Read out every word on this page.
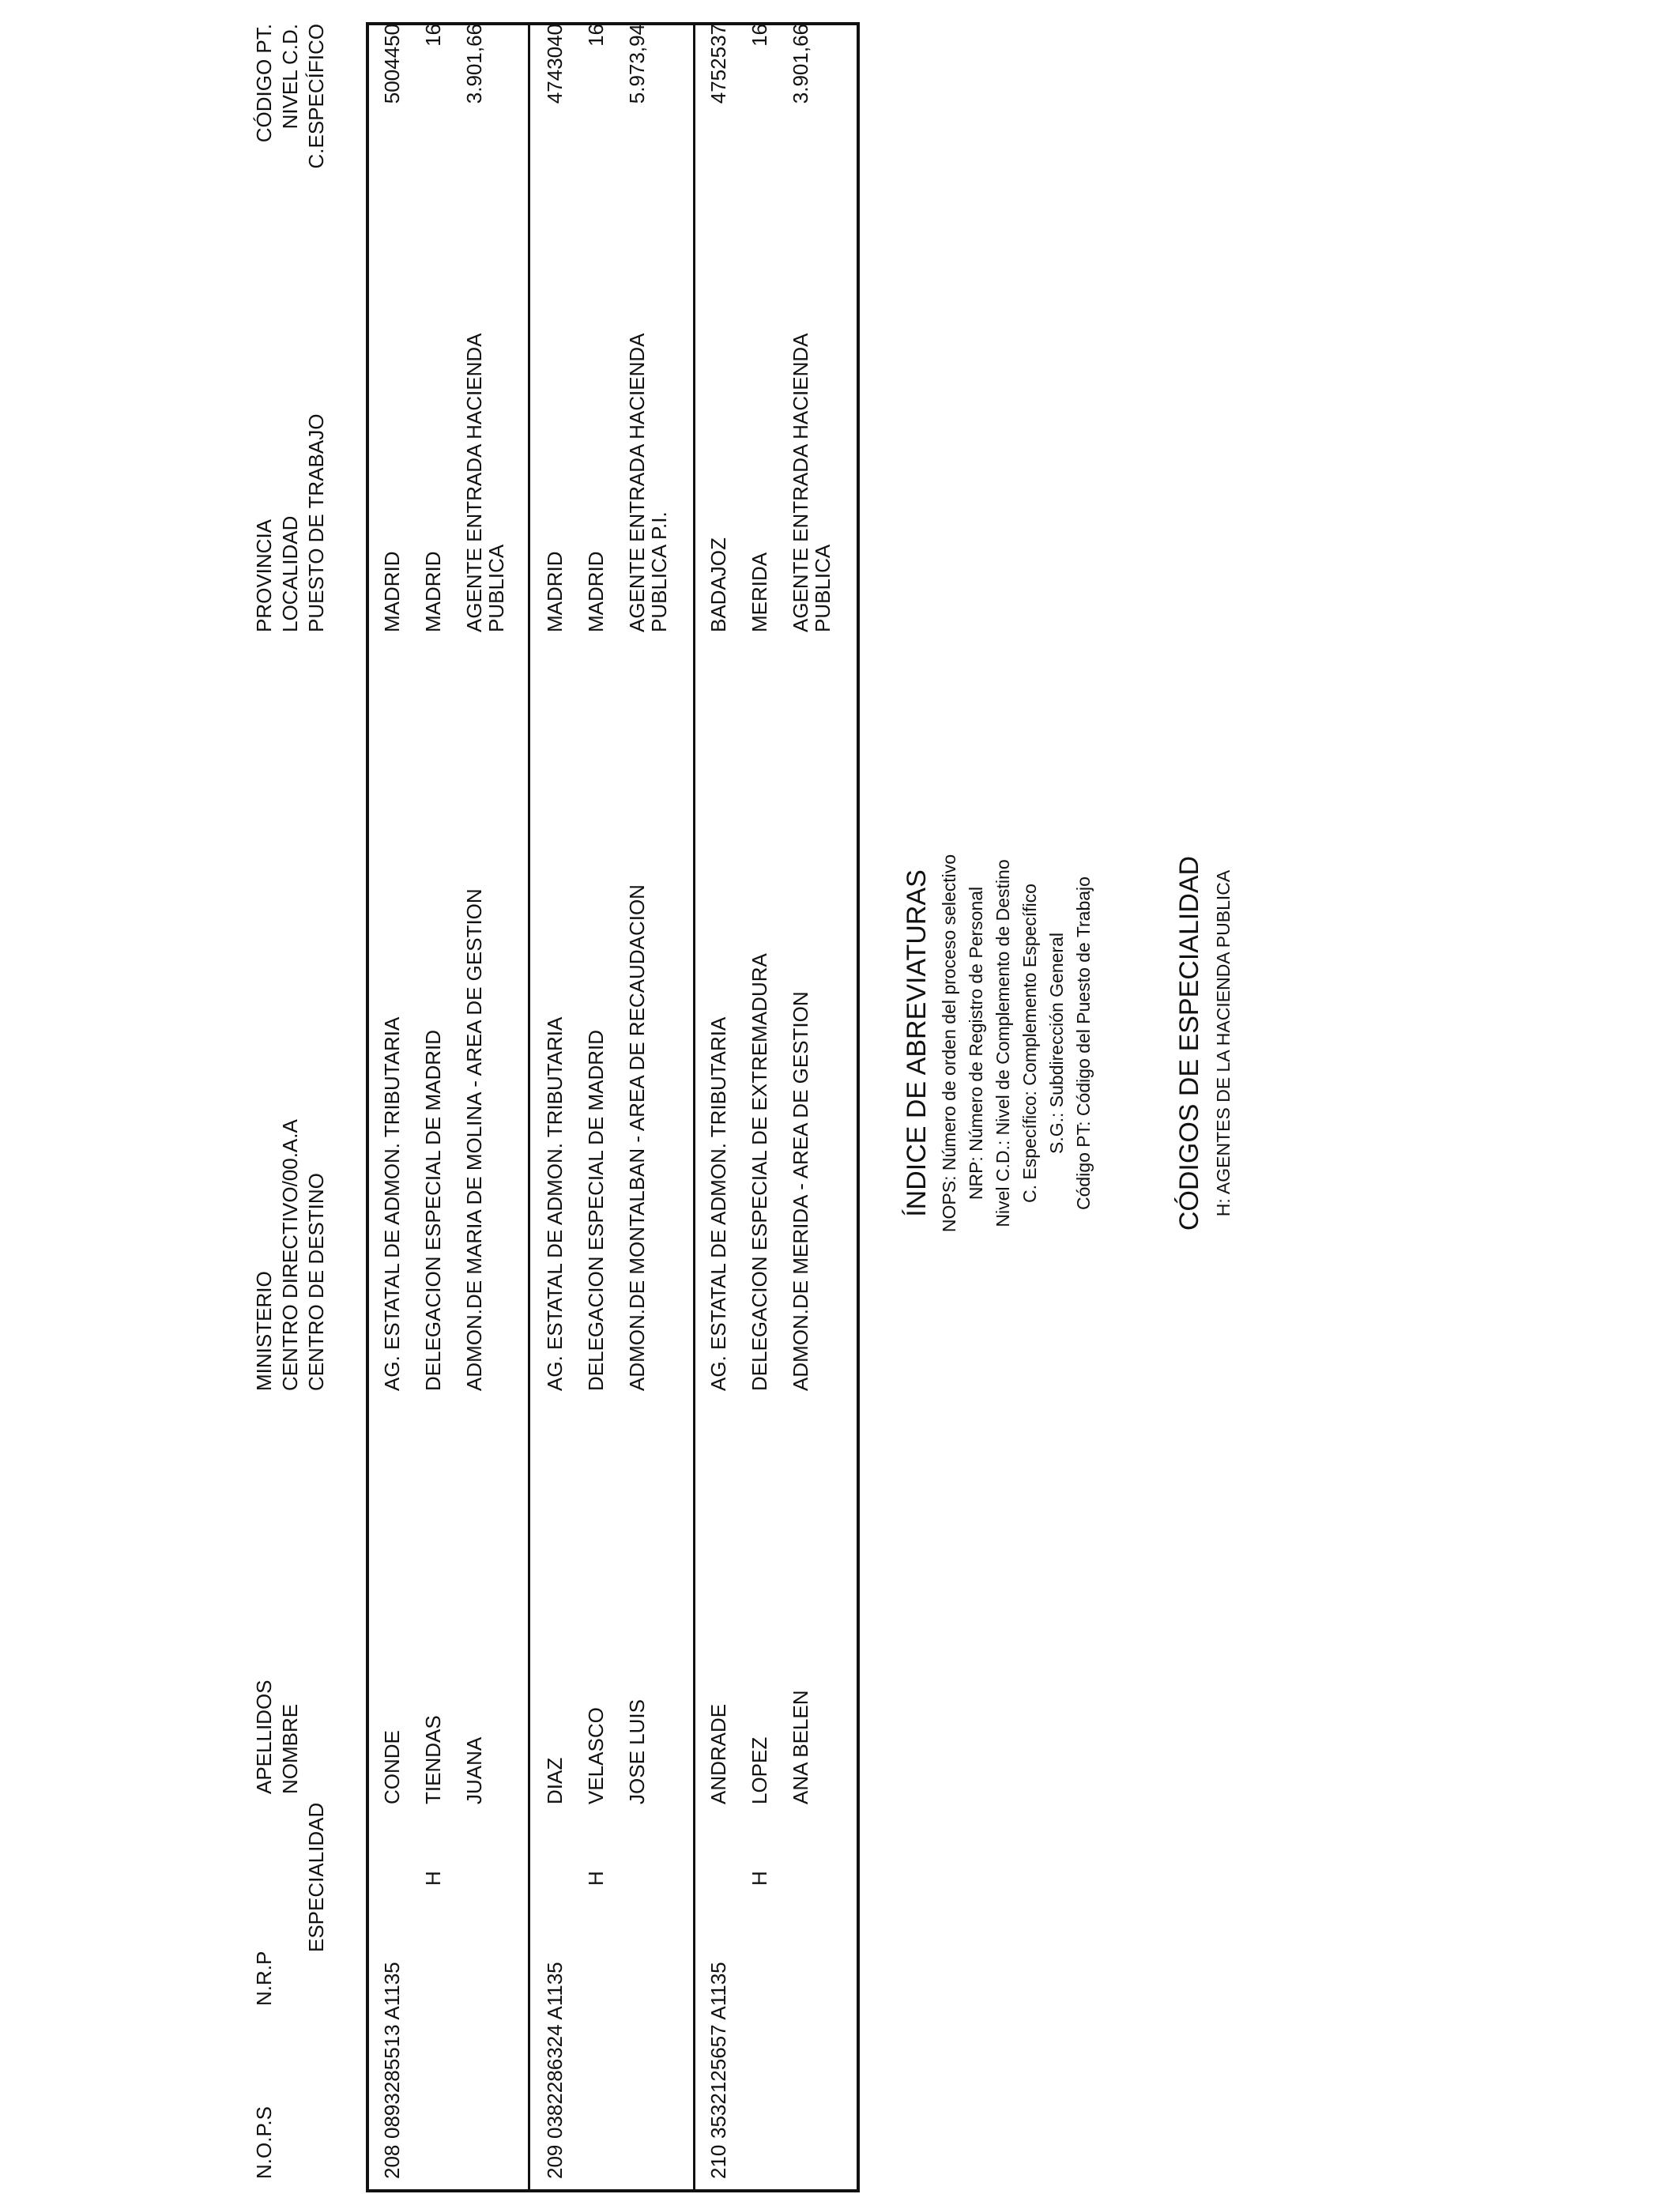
N.O.P.S
N.R.P
ESPECIALIDAD
APELLIDOS NOMBRE
MINISTERIO CENTRO DIRECTIVO/00.A.A CENTRO DE DESTINO
PROVINCIA LOCALIDAD PUESTO DE TRABAJO
CÓDIGO PT. NIVEL C.D. C.ESPECÍFICO
208
0893285513 A1135
H
CONDE TIENDAS JUANA
AG. ESTATAL DE ADMON. TRIBUTARIA DELEGACION ESPECIAL DE MADRID ADMON.DE MARIA DE MOLINA - AREA DE GESTION
MADRID MADRID AGENTE ENTRADA HACIENDA
PUBLICA
5004450 16 3.901,66
209
0382286324 A1135
H
DIAZ VELASCO JOSE LUIS
AG. ESTATAL DE ADMON. TRIBUTARIA DELEGACION ESPECIAL DE MADRID ADMON.DE MONTALBAN - AREA DE RECAUDACION
MADRID MADRID AGENTE ENTRADA HACIENDA
PUBLICA P.I.
4743040 16 5.973,94
210
3532125657 A1135
H
ANDRADE LOPEZ ANA BELEN
AG. ESTATAL DE ADMON. TRIBUTARIA DELEGACION ESPECIAL DE EXTREMADURA ADMON.DE MERIDA - AREA DE GESTION
BADAJOZ MERIDA AGENTE ENTRADA HACIENDA
PUBLICA
4752537 16 3.901,66
ÍNDICE DE ABREVIATURAS NOPS: Número de orden del proceso selectivo NRP: Número de Registro de Personal Nivel C.D.: Nivel de Complemento de Destino C. Específico: Complemento Específico S.G.: Subdirección General Código PT: Código del Puesto de Trabajo	CÓDIGOS DE ESPECIALIDAD H: AGENTES DE LA HACIENDA PUBLICA
